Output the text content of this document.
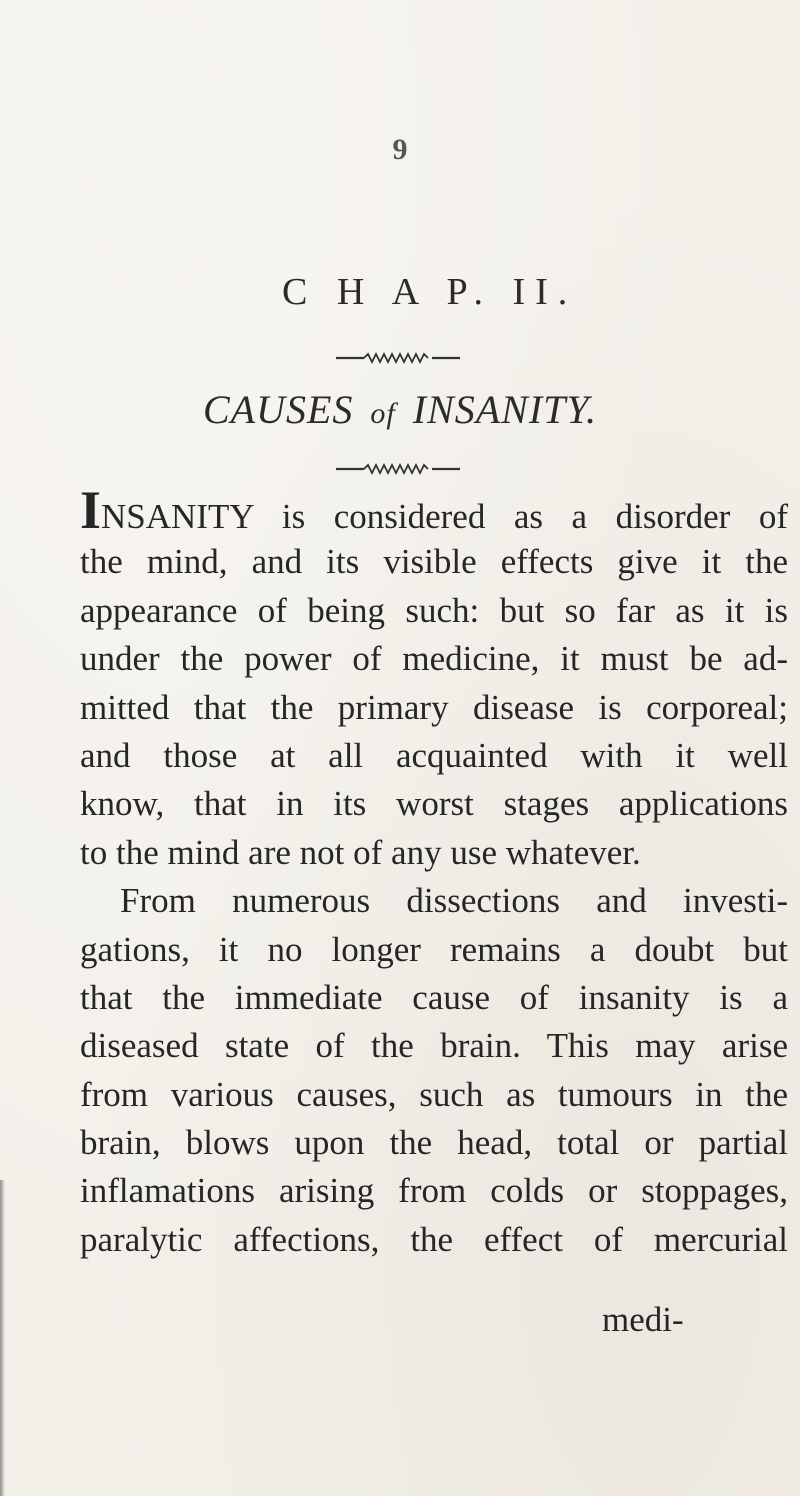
9
C H A P. II.
CAUSES of INSANITY.
INSANITY is considered as a disorder of
the mind, and its visible effects give it the
appearance of being such: but so far as it is
under the power of medicine, it must be ad-
mitted that the primary disease is corporeal;
and those at all acquainted with it well
know, that in its worst stages applications
to the mind are not of any use whatever.
From numerous dissections and investi-
gations, it no longer remains a doubt but
that the immediate cause of insanity is a
diseased state of the brain. This may arise
from various causes, such as tumours in the
brain, blows upon the head, total or partial
inflamations arising from colds or stoppages,
paralytic affections, the effect of mercurial
medi-
